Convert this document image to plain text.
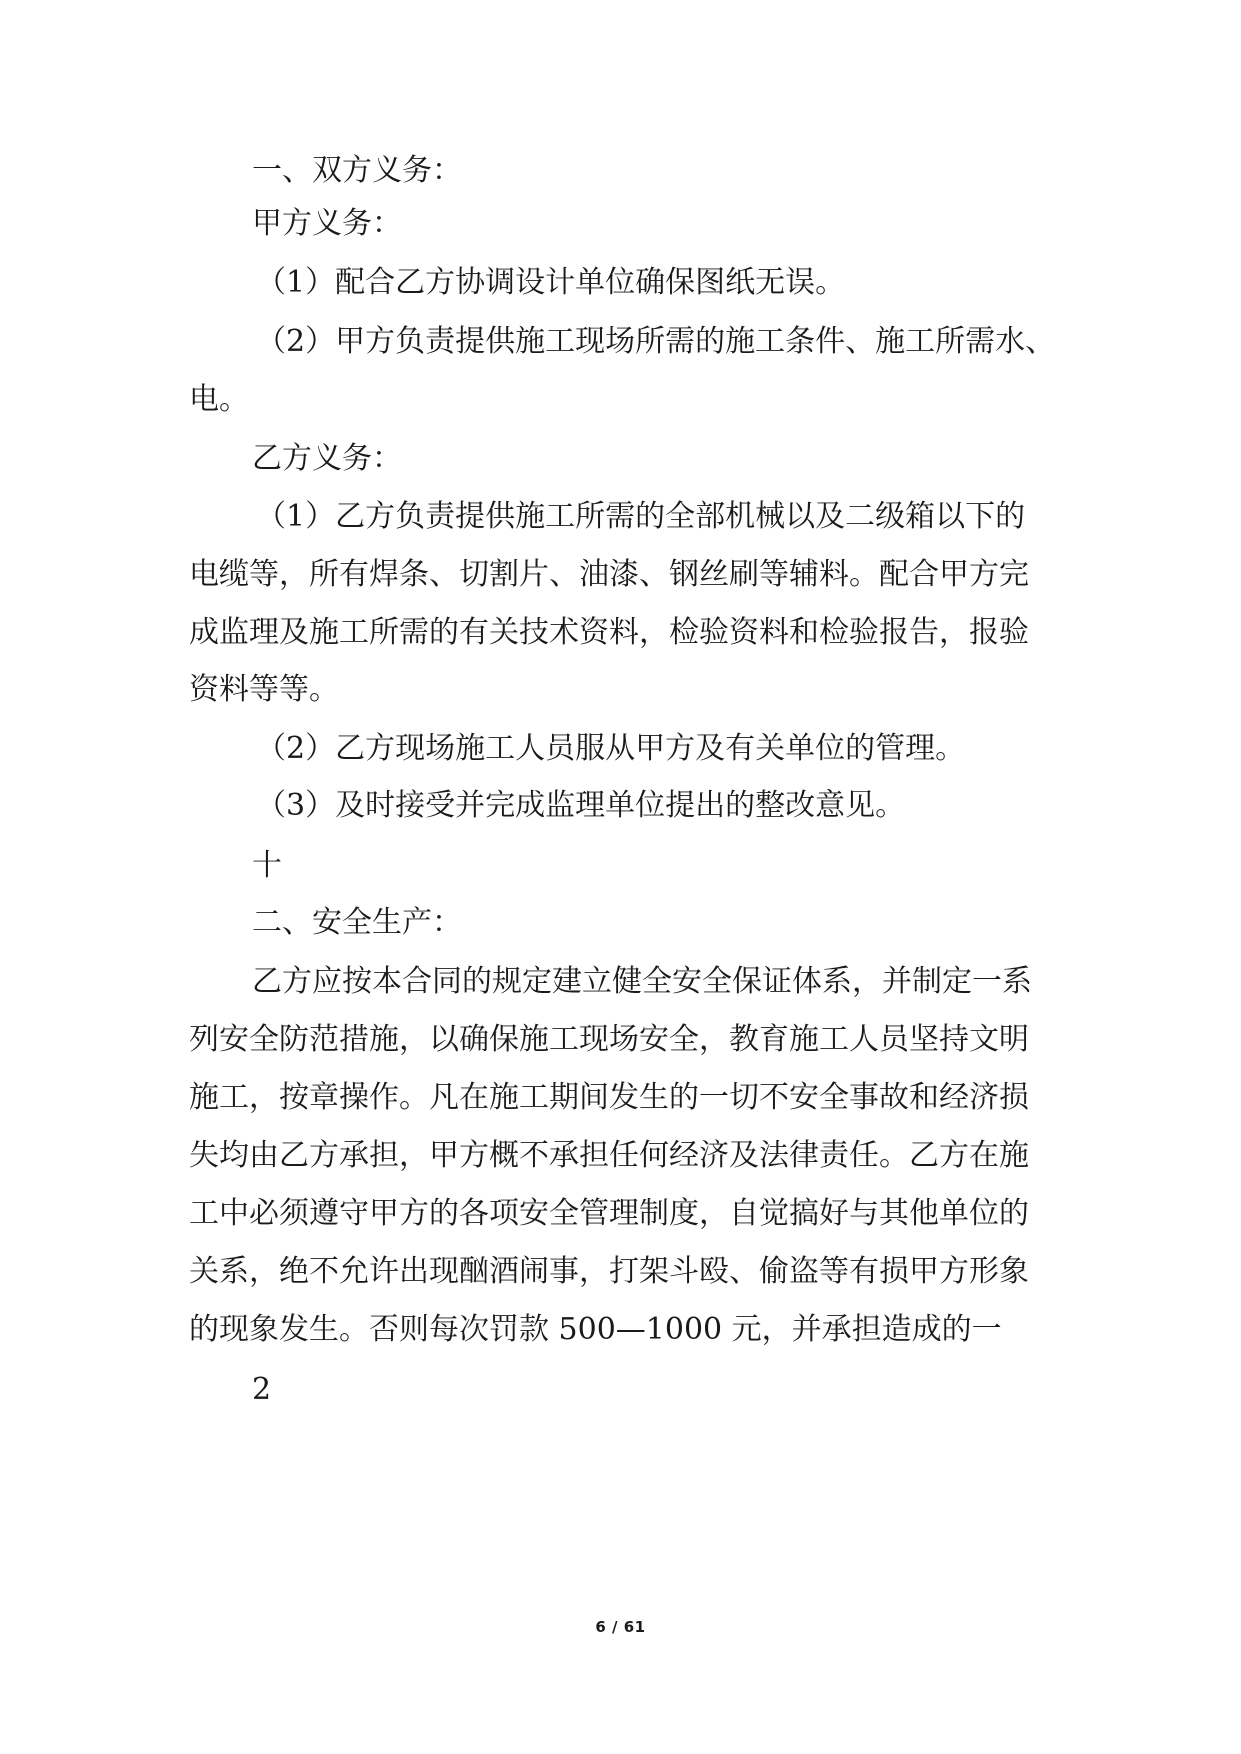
一、双方义务：
甲方义务：
（1）配合乙方协调设计单位确保图纸无误。
（2）甲方负责提供施工现场所需的施工条件、施工所需水、
电。
乙方义务：
（1）乙方负责提供施工所需的全部机械以及二级箱以下的
电缆等，所有焊条、切割片、油漆、钢丝刷等辅料。配合甲方完
成监理及施工所需的有关技术资料，检验资料和检验报告，报验
资料等等。
（2）乙方现场施工人员服从甲方及有关单位的管理。
（3）及时接受并完成监理单位提出的整改意见。
十
二、安全生产：
乙方应按本合同的规定建立健全安全保证体系，并制定一系
列安全防范措施，以确保施工现场安全，教育施工人员坚持文明
施工，按章操作。凡在施工期间发生的一切不安全事故和经济损
失均由乙方承担，甲方概不承担任何经济及法律责任。乙方在施
工中必须遵守甲方的各项安全管理制度，自觉搞好与其他单位的
关系，绝不允许出现酗酒闹事，打架斗殴、偷盗等有损甲方形象
的现象发生。否则每次罚款 500—1000 元，并承担造成的一
2
6 / 61
